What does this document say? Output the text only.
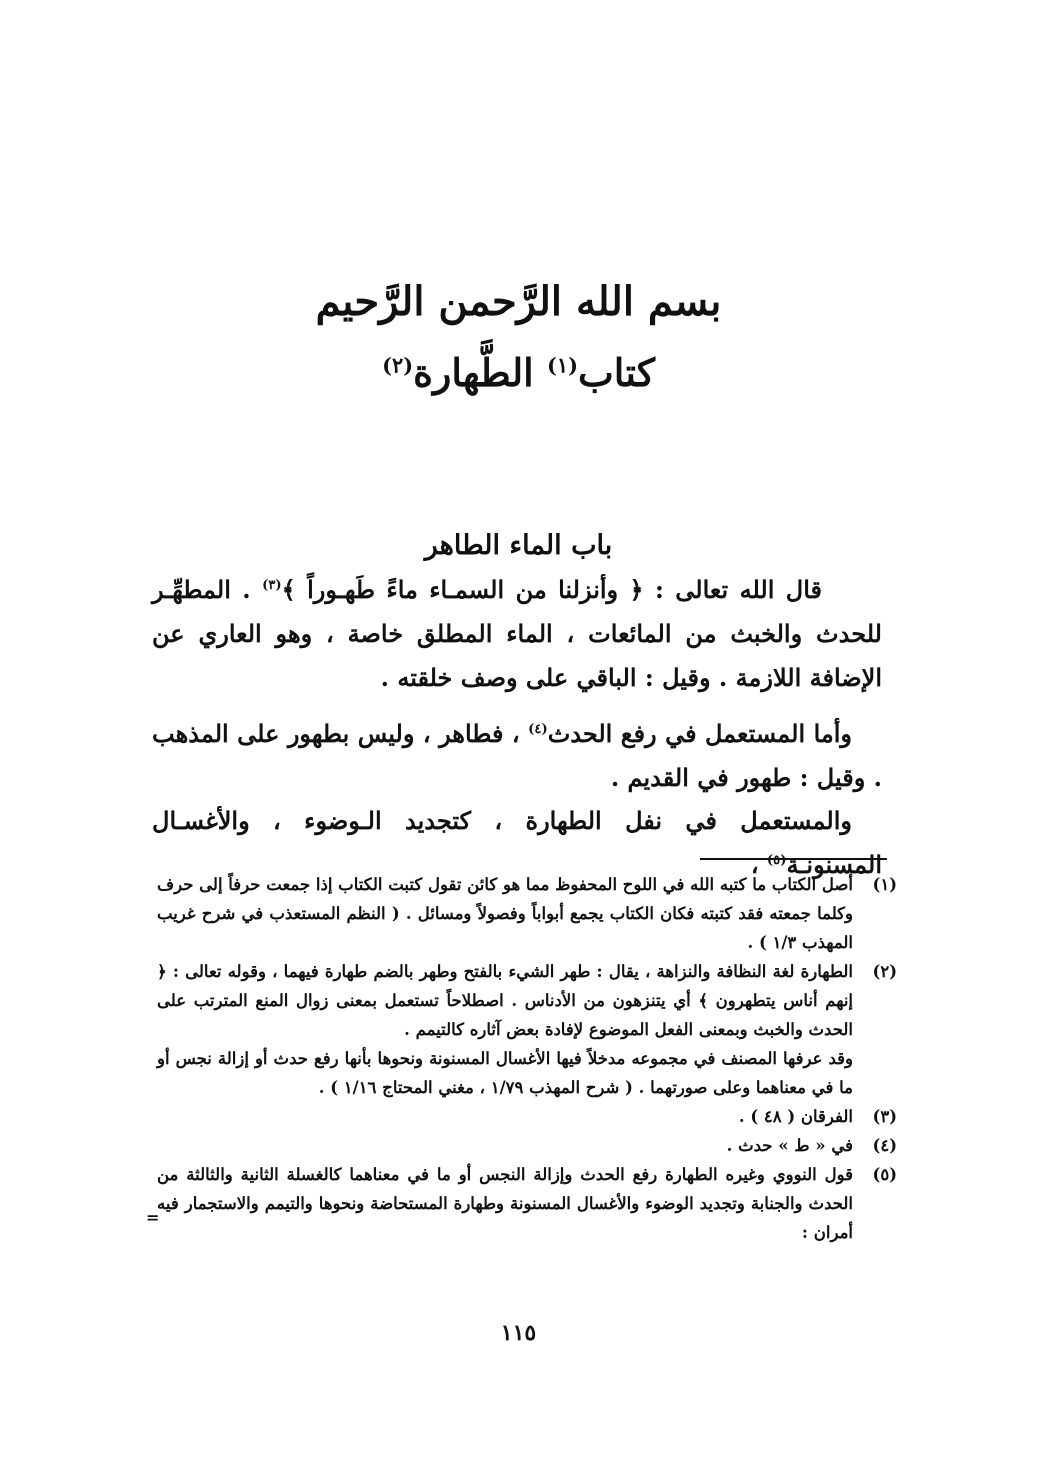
بسم الله الرَّحمن الرَّحيم
كتاب$^{(١)}$ الطَّهارة$^{(٢)}$
باب الماء الطاهر

قال الله تعالى : ﴿ وأنزلنا من السمـاء ماءً طَهـوراً ﴾$^{(٣)}$ . المطهِّـر للحدث والخبث من المائعات ، الماء المطلق خاصة ، وهو العاري عن الإضافة اللازمة . وقيل : الباقي على وصف خلقته .

وأما المستعمل في رفع الحدث$^{(٤)}$ ، فطاهر ، وليس بطهور على المذهب . وقيل : طهور في القديم .

والمستعمل في نفل الطهارة ، كتجديد الـوضوء ، والأغسـال المسنونـة$^{(٥)}$ ،

(١)
أصل الكتاب ما كتبه الله في اللوح المحفوظ مما هو كائن تقول كتبت الكتاب إذا جمعت حرفاً إلى حرف وكلما جمعته فقد كتبته فكان الكتاب يجمع أبواباً وفصولاً ومسائل . ( النظم المستعذب في شرح غريب المهذب ١/٣ ) .
(٢)
الطهارة لغة النظافة والنزاهة ، يقال : طهر الشيء بالفتح وطهر بالضم طهارة فيهما ، وقوله تعالى : ﴿ إنهم أناس يتطهرون ﴾ أي يتنزهون من الأدناس . اصطلاحاً تستعمل بمعنى زوال المنع المترتب على الحدث والخبث وبمعنى الفعل الموضوع لإفادة بعض آثاره كالتيمم .
وقد عرفها المصنف في مجموعه مدخلاً فيها الأغسال المسنونة ونحوها بأنها رفع حدث أو إزالة نجس أو ما في معناهما وعلى صورتهما . ( شرح المهذب ١/٧٩ ، مغني المحتاج ١/١٦ ) .
(٣)
الفرقان ( ٤٨ ) .
(٤)
في « ط » حدث .
(٥)
قول النووي وغيره الطهارة رفع الحدث وإزالة النجس أو ما في معناهما كالغسلة الثانية والثالثة من الحدث والجنابة وتجديد الوضوء والأغسال المسنونة وطهارة المستحاضة ونحوها والتيمم والاستجمار فيه أمران :
=
١١٥
